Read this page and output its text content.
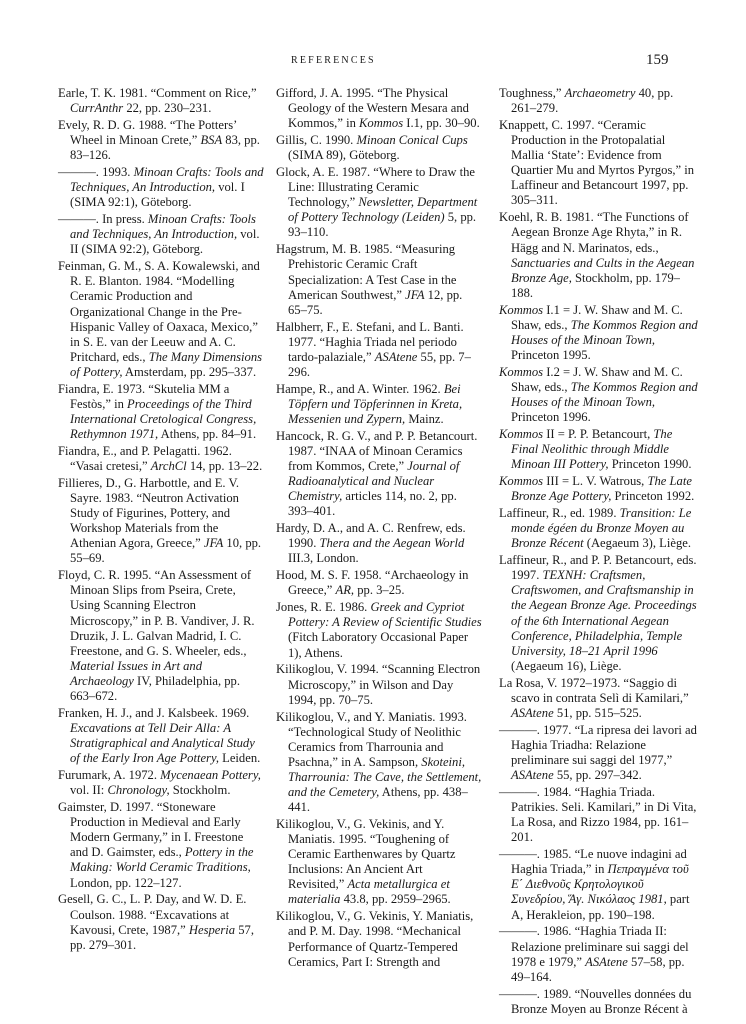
REFERENCES	159

Earle, T. K. 1981. “Comment on Rice,” CurrAnthr 22, pp. 230–231.

Evely, R. D. G. 1988. “The Potters’ Wheel in Minoan Crete,” BSA 83, pp. 83–126.

———. 1993. Minoan Crafts: Tools and Techniques, An Introduction, vol. I (SIMA 92:1), Göteborg.

———. In press. Minoan Crafts: Tools and Techniques, An Introduction, vol. II (SIMA 92:2), Göteborg.

Feinman, G. M., S. A. Kowalewski, and R. E. Blanton. 1984. “Modelling Ceramic Production and Organizational Change in the Pre-Hispanic Valley of Oaxaca, Mexico,” in S. E. van der Leeuw and A. C. Pritchard, eds., The Many Dimensions of Pottery, Amsterdam, pp. 295–337.

Fiandra, E. 1973. “Skutelia MM a Festòs,” in Proceedings of the Third International Cretological Congress, Rethymnon 1971, Athens, pp. 84–91.

Fiandra, E., and P. Pelagatti. 1962. “Vasai cretesi,” ArchCl 14, pp. 13–22.

Fillieres, D., G. Harbottle, and E. V. Sayre. 1983. “Neutron Activation Study of Figurines, Pottery, and Workshop Materials from the Athenian Agora, Greece,” JFA 10, pp. 55–69.

Floyd, C. R. 1995. “An Assessment of Minoan Slips from Pseira, Crete, Using Scanning Electron Microscopy,” in P. B. Vandiver, J. R. Druzik, J. L. Galvan Madrid, I. C. Freestone, and G. S. Wheeler, eds., Material Issues in Art and Archaeology IV, Philadelphia, pp. 663–672.

Franken, H. J., and J. Kalsbeek. 1969. Excavations at Tell Deir Alla: A Stratigraphical and Analytical Study of the Early Iron Age Pottery, Leiden.

Furumark, A. 1972. Mycenaean Pottery, vol. II: Chronology, Stockholm.

Gaimster, D. 1997. “Stoneware Production in Medieval and Early Modern Germany,” in I. Freestone and D. Gaimster, eds., Pottery in the Making: World Ceramic Traditions, London, pp. 122–127.

Gesell, G. C., L. P. Day, and W. D. E. Coulson. 1988. “Excavations at Kavousi, Crete, 1987,” Hesperia 57, pp. 279–301.

Gifford, J. A. 1995. “The Physical Geology of the Western Mesara and Kommos,” in Kommos I.1, pp. 30–90.

Gillis, C. 1990. Minoan Conical Cups (SIMA 89), Göteborg.

Glock, A. E. 1987. “Where to Draw the Line: Illustrating Ceramic Technology,” Newsletter, Department of Pottery Technology (Leiden) 5, pp. 93–110.

Hagstrum, M. B. 1985. “Measuring Prehistoric Ceramic Craft Specialization: A Test Case in the American Southwest,” JFA 12, pp. 65–75.

Halbherr, F., E. Stefani, and L. Banti. 1977. “Haghia Triada nel periodo tardo-palaziale,” ASAtene 55, pp. 7–296.

Hampe, R., and A. Winter. 1962. Bei Töpfern und Töpferinnen in Kreta, Messenien und Zypern, Mainz.

Hancock, R. G. V., and P. P. Betancourt. 1987. “INAA of Minoan Ceramics from Kommos, Crete,” Journal of Radioanalytical and Nuclear Chemistry, articles 114, no. 2, pp. 393–401.

Hardy, D. A., and A. C. Renfrew, eds. 1990. Thera and the Aegean World III.3, London.

Hood, M. S. F. 1958. “Archaeology in Greece,” AR, pp. 3–25.

Jones, R. E. 1986. Greek and Cypriot Pottery: A Review of Scientific Studies (Fitch Laboratory Occasional Paper 1), Athens.

Kilikoglou, V. 1994. “Scanning Electron Microscopy,” in Wilson and Day 1994, pp. 70–75.

Kilikoglou, V., and Y. Maniatis. 1993. “Technological Study of Neolithic Ceramics from Tharrounia and Psachna,” in A. Sampson, Skoteini, Tharrounia: The Cave, the Settlement, and the Cemetery, Athens, pp. 438–441.

Kilikoglou, V., G. Vekinis, and Y. Maniatis. 1995. “Toughening of Ceramic Earthenwares by Quartz Inclusions: An Ancient Art Revisited,” Acta metallurgica et materialia 43.8, pp. 2959–2965.

Kilikoglou, V., G. Vekinis, Y. Maniatis, and P. M. Day. 1998. “Mechanical Performance of Quartz-Tempered Ceramics, Part I: Strength and

Toughness,” Archaeometry 40, pp. 261–279.

Knappett, C. 1997. “Ceramic Production in the Protopalatial Mallia ‘State’: Evidence from Quartier Mu and Myrtos Pyrgos,” in Laffineur and Betancourt 1997, pp. 305–311.

Koehl, R. B. 1981. “The Functions of Aegean Bronze Age Rhyta,” in R. Hägg and N. Marinatos, eds., Sanctuaries and Cults in the Aegean Bronze Age, Stockholm, pp. 179–188.

Kommos I.1 = J. W. Shaw and M. C. Shaw, eds., The Kommos Region and Houses of the Minoan Town, Princeton 1995.

Kommos I.2 = J. W. Shaw and M. C. Shaw, eds., The Kommos Region and Houses of the Minoan Town, Princeton 1996.

Kommos II = P. P. Betancourt, The Final Neolithic through Middle Minoan III Pottery, Princeton 1990.

Kommos III = L. V. Watrous, The Late Bronze Age Pottery, Princeton 1992.

Laffineur, R., ed. 1989. Transition: Le monde égéen du Bronze Moyen au Bronze Récent (Aegaeum 3), Liège.

Laffineur, R., and P. P. Betancourt, eds. 1997. TEXNH: Craftsmen, Craftswomen, and Craftsmanship in the Aegean Bronze Age. Proceedings of the 6th International Aegean Conference, Philadelphia, Temple University, 18–21 April 1996 (Aegaeum 16), Liège.

La Rosa, V. 1972–1973. “Saggio di scavo in contrata Selì di Kamilari,” ASAtene 51, pp. 515–525.

———. 1977. “La ripresa dei lavori ad Haghia Triadha: Relazione preliminare sui saggi del 1977,” ASAtene 55, pp. 297–342.

———. 1984. “Haghia Triada. Patrikies. Seli. Kamilari,” in Di Vita, La Rosa, and Rizzo 1984, pp. 161–201.

———. 1985. “Le nuove indagini ad Haghia Triada,” in Πεπραγμένα τοῦ Ε΄ Διεθνοῦς Κρητολογικοῦ Συνεδρίου, Ἅγ. Νικόλαος 1981, part A, Herakleion, pp. 190–198.

———. 1986. “Haghia Triada II: Relazione preliminare sui saggi del 1978 e 1979,” ASAtene 57–58, pp. 49–164.

———. 1989. “Nouvelles données du Bronze Moyen au Bronze Récent à
